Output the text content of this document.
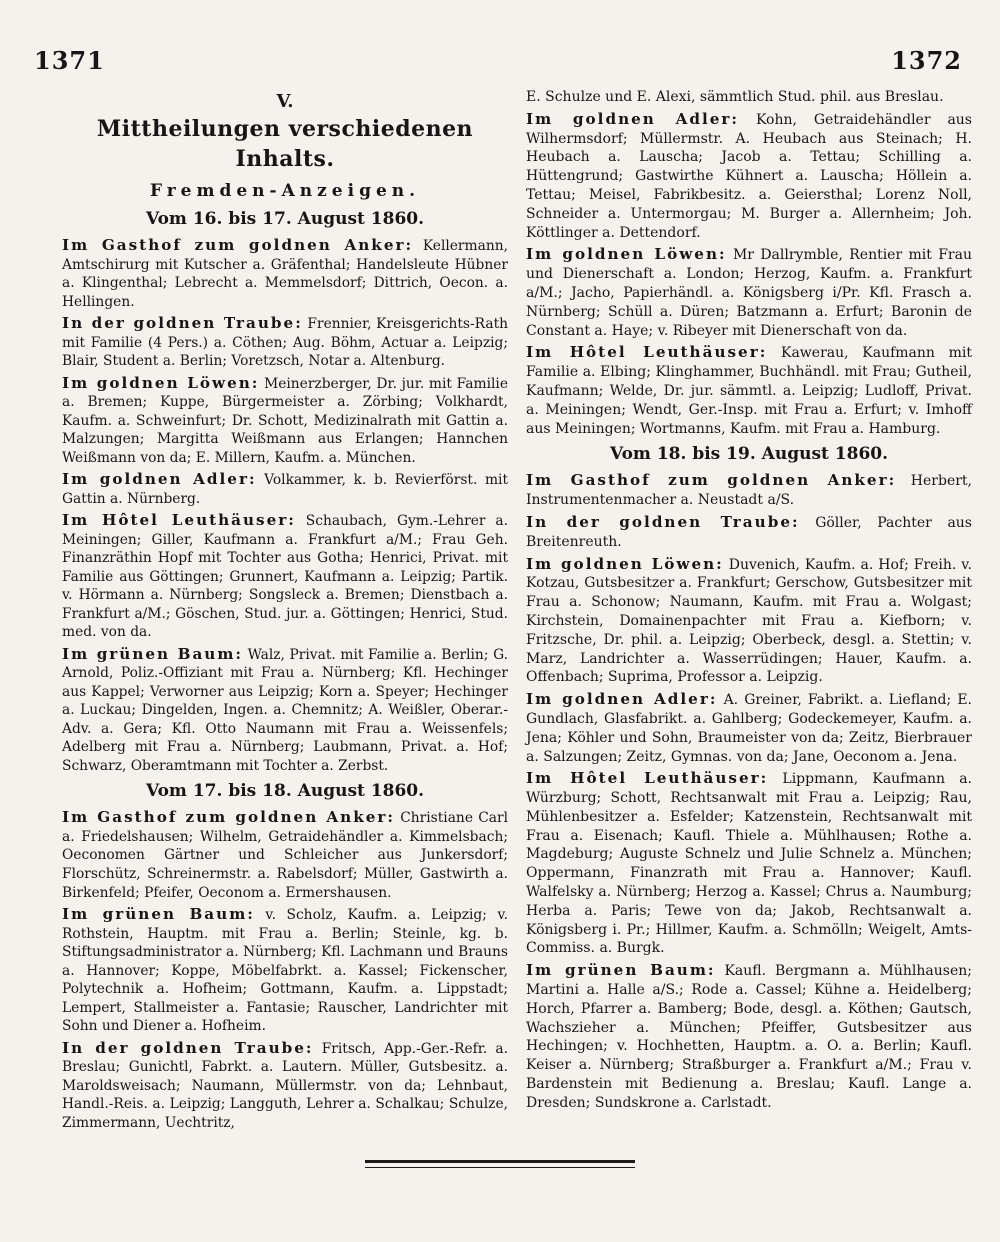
1371	1372
V.
Mittheilungen verschiedenen Inhalts.
Fremden-Anzeigen.
Vom 16. bis 17. August 1860.

Im Gasthof zum goldnen Anker: Kellermann, Amtschirurg mit Kutscher a. Gräfenthal; Handelsleute Hübner a. Klingenthal; Lebrecht a. Memmelsdorf; Dittrich, Oecon. a. Hellingen.

In der goldnen Traube: Frennier, Kreisgerichts-Rath mit Familie (4 Pers.) a. Cöthen; Aug. Böhm, Actuar a. Leipzig; Blair, Student a. Berlin; Voretzsch, Notar a. Altenburg.

Im goldnen Löwen: Meinerzberger, Dr. jur. mit Familie a. Bremen; Kuppe, Bürgermeister a. Zörbing; Volkhardt, Kaufm. a. Schweinfurt; Dr. Schott, Medizinalrath mit Gattin a. Malzungen; Margitta Weißmann aus Erlangen; Hannchen Weißmann von da; E. Millern, Kaufm. a. München.

Im goldnen Adler: Volkammer, k. b. Revierförst. mit Gattin a. Nürnberg.

Im Hôtel Leuthäuser: Schaubach, Gym.-Lehrer a. Meiningen; Giller, Kaufmann a. Frankfurt a/M.; Frau Geh. Finanzräthin Hopf mit Tochter aus Gotha; Henrici, Privat. mit Familie aus Göttingen; Grunnert, Kaufmann a. Leipzig; Partik. v. Hörmann a. Nürnberg; Songsleck a. Bremen; Dienstbach a. Frankfurt a/M.; Göschen, Stud. jur. a. Göttingen; Henrici, Stud. med. von da.

Im grünen Baum: Walz, Privat. mit Familie a. Berlin; G. Arnold, Poliz.-Offiziant mit Frau a. Nürnberg; Kfl. Hechinger aus Kappel; Verworner aus Leipzig; Korn a. Speyer; Hechinger a. Luckau; Dingelden, Ingen. a. Chemnitz; A. Weißler, Oberar.-Adv. a. Gera; Kfl. Otto Naumann mit Frau a. Weissenfels; Adelberg mit Frau a. Nürnberg; Laubmann, Privat. a. Hof; Schwarz, Oberamtmann mit Tochter a. Zerbst.

Vom 17. bis 18. August 1860.

Im Gasthof zum goldnen Anker: Christiane Carl a. Friedelshausen; Wilhelm, Getraidehändler a. Kimmelsbach; Oeconomen Gärtner und Schleicher aus Junkersdorf; Florschütz, Schreinermstr. a. Rabelsdorf; Müller, Gastwirth a. Birkenfeld; Pfeifer, Oeconom a. Ermershausen.

Im grünen Baum: v. Scholz, Kaufm. a. Leipzig; v. Rothstein, Hauptm. mit Frau a. Berlin; Steinle, kg. b. Stiftungsadministrator a. Nürnberg; Kfl. Lachmann und Brauns a. Hannover; Koppe, Möbelfabrkt. a. Kassel; Fickenscher, Polytechnik a. Hofheim; Gottmann, Kaufm. a. Lippstadt; Lempert, Stallmeister a. Fantasie; Rauscher, Landrichter mit Sohn und Diener a. Hofheim.

In der goldnen Traube: Fritsch, App.-Ger.-Refr. a. Breslau; Gunichtl, Fabrkt. a. Lautern. Müller, Gutsbesitz. a. Maroldsweisach; Naumann, Müllermstr. von da; Lehnbaut, Handl.-Reis. a. Leipzig; Langguth, Lehrer a. Schalkau; Schulze, Zimmermann, Uechtritz,

E. Schulze und E. Alexi, sämmtlich Stud. phil. aus Breslau.

Im goldnen Adler: Kohn, Getraidehändler aus Wilhermsdorf; Müllermstr. A. Heubach aus Steinach; H. Heubach a. Lauscha; Jacob a. Tettau; Schilling a. Hüttengrund; Gastwirthe Kühnert a. Lauscha; Höllein a. Tettau; Meisel, Fabrikbesitz. a. Geiersthal; Lorenz Noll, Schneider a. Untermorgau; M. Burger a. Allernheim; Joh. Köttlinger a. Dettendorf.

Im goldnen Löwen: Mr Dallrymble, Rentier mit Frau und Dienerschaft a. London; Herzog, Kaufm. a. Frankfurt a/M.; Jacho, Papierhändl. a. Königsberg i/Pr. Kfl. Frasch a. Nürnberg; Schüll a. Düren; Batzmann a. Erfurt; Baronin de Constant a. Haye; v. Ribeyer mit Dienerschaft von da.

Im Hôtel Leuthäuser: Kawerau, Kaufmann mit Familie a. Elbing; Klinghammer, Buchhändl. mit Frau; Gutheil, Kaufmann; Welde, Dr. jur. sämmtl. a. Leipzig; Ludloff, Privat. a. Meiningen; Wendt, Ger.-Insp. mit Frau a. Erfurt; v. Imhoff aus Meiningen; Wortmanns, Kaufm. mit Frau a. Hamburg.

Vom 18. bis 19. August 1860.

Im Gasthof zum goldnen Anker: Herbert, Instrumentenmacher a. Neustadt a/S.

In der goldnen Traube: Göller, Pachter aus Breitenreuth.

Im goldnen Löwen: Duvenich, Kaufm. a. Hof; Freih. v. Kotzau, Gutsbesitzer a. Frankfurt; Gerschow, Gutsbesitzer mit Frau a. Schonow; Naumann, Kaufm. mit Frau a. Wolgast; Kirchstein, Domainenpachter mit Frau a. Kiefborn; v. Fritzsche, Dr. phil. a. Leipzig; Oberbeck, desgl. a. Stettin; v. Marz, Landrichter a. Wasserrüdingen; Hauer, Kaufm. a. Offenbach; Suprima, Professor a. Leipzig.

Im goldnen Adler: A. Greiner, Fabrikt. a. Liefland; E. Gundlach, Glasfabrikt. a. Gahlberg; Godeckemeyer, Kaufm. a. Jena; Köhler und Sohn, Braumeister von da; Zeitz, Bierbrauer a. Salzungen; Zeitz, Gymnas. von da; Jane, Oeconom a. Jena.

Im Hôtel Leuthäuser: Lippmann, Kaufmann a. Würzburg; Schott, Rechtsanwalt mit Frau a. Leipzig; Rau, Mühlenbesitzer a. Esfelder; Katzenstein, Rechtsanwalt mit Frau a. Eisenach; Kaufl. Thiele a. Mühlhausen; Rothe a. Magdeburg; Auguste Schnelz und Julie Schnelz a. München; Oppermann, Finanzrath mit Frau a. Hannover; Kaufl. Walfelsky a. Nürnberg; Herzog a. Kassel; Chrus a. Naumburg; Herba a. Paris; Tewe von da; Jakob, Rechtsanwalt a. Königsberg i. Pr.; Hillmer, Kaufm. a. Schmölln; Weigelt, Amts-Commiss. a. Burgk.

Im grünen Baum: Kaufl. Bergmann a. Mühlhausen; Martini a. Halle a/S.; Rode a. Cassel; Kühne a. Heidelberg; Horch, Pfarrer a. Bamberg; Bode, desgl. a. Köthen; Gautsch, Wachszieher a. München; Pfeiffer, Gutsbesitzer aus Hechingen; v. Hochhetten, Hauptm. a. O. a. Berlin; Kaufl. Keiser a. Nürnberg; Straßburger a. Frankfurt a/M.; Frau v. Bardenstein mit Bedienung a. Breslau; Kaufl. Lange a. Dresden; Sundskrone a. Carlstadt.
